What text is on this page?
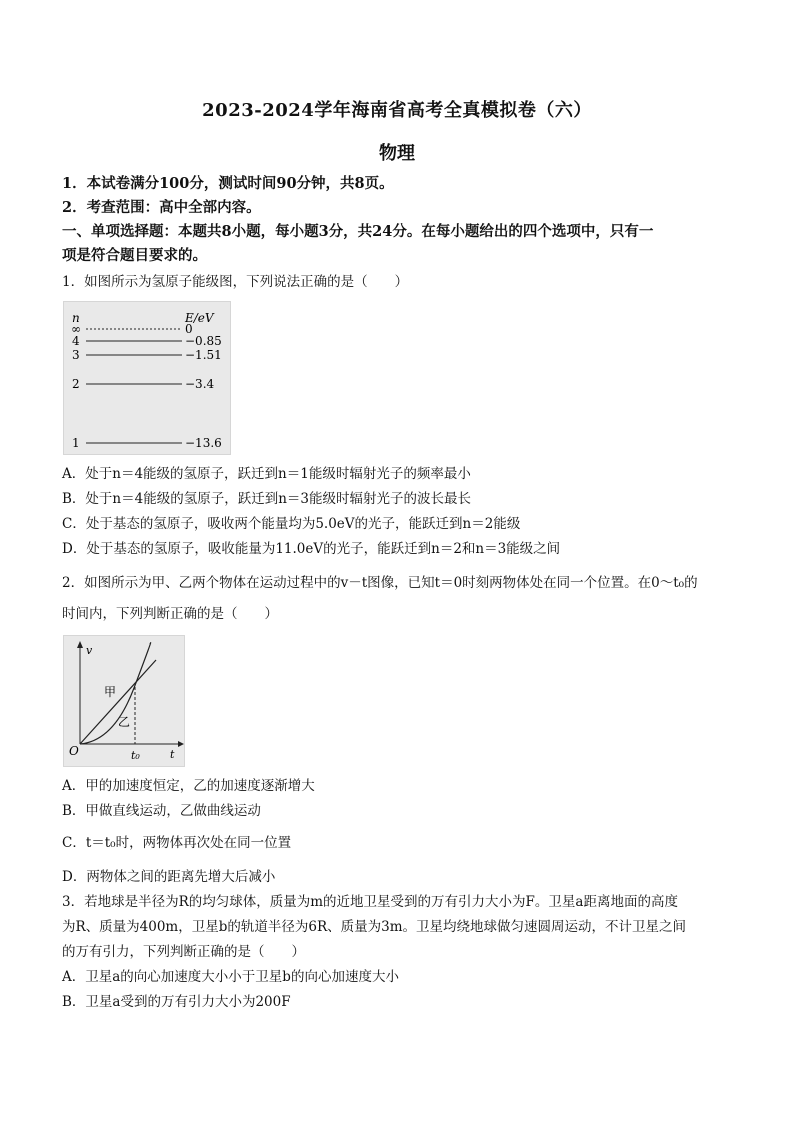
2023-2024学年海南省高考全真模拟卷（六）
物理
1．本试卷满分100分，测试时间90分钟，共8页。
2．考查范围：高中全部内容。
一、单项选择题：本题共8小题，每小题3分，共24分。在每小题给出的四个选项中，只有一
项是符合题目要求的。
1．如图所示为氢原子能级图，下列说法正确的是（　　）
n	E/eV
∞	0
4	−0.85
3	−1.51
2	−3.4
1	−13.6
A．处于n＝4能级的氢原子，跃迁到n＝1能级时辐射光子的频率最小
B．处于n＝4能级的氢原子，跃迁到n＝3能级时辐射光子的波长最长
C．处于基态的氢原子，吸收两个能量均为5.0eV的光子，能跃迁到n＝2能级
D．处于基态的氢原子，吸收能量为11.0eV的光子，能跃迁到n＝2和n＝3能级之间
2．如图所示为甲、乙两个物体在运动过程中的v－t图像，已知t＝0时刻两物体处在同一个位置。在0～t₀的
时间内，下列判断正确的是（　　）
v
t
O	t₀
甲
乙
A．甲的加速度恒定，乙的加速度逐渐增大
B．甲做直线运动，乙做曲线运动
C．t＝t₀时，两物体再次处在同一位置
D．两物体之间的距离先增大后减小
3．若地球是半径为R的均匀球体，质量为m的近地卫星受到的万有引力大小为F。卫星a距离地面的高度
为R、质量为400m，卫星b的轨道半径为6R、质量为3m。卫星均绕地球做匀速圆周运动，不计卫星之间
的万有引力，下列判断正确的是（　　）
A．卫星a的向心加速度大小小于卫星b的向心加速度大小
B．卫星a受到的万有引力大小为200F
